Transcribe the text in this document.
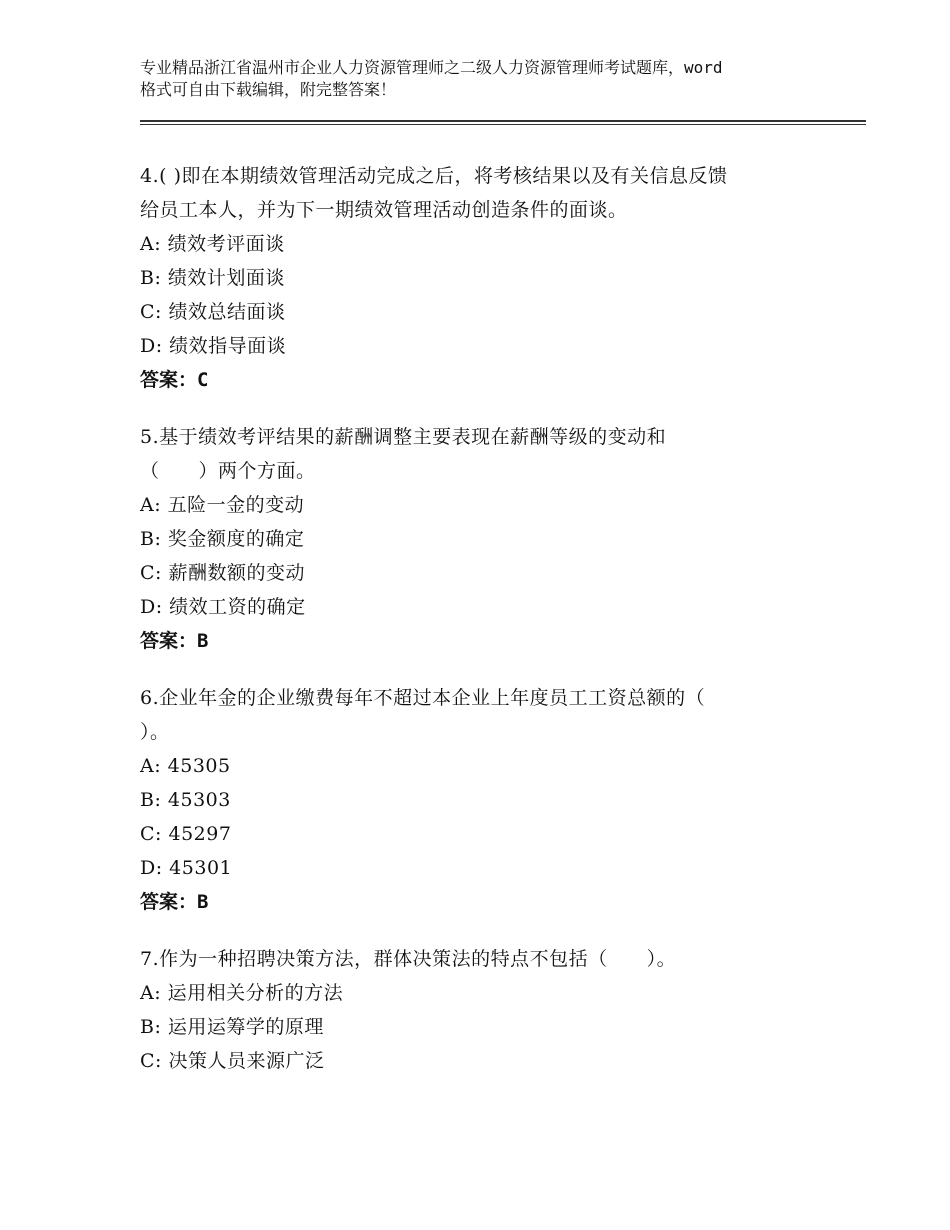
专业精品浙江省温州市企业人力资源管理师之二级人力资源管理师考试题库，word
格式可自由下载编辑，附完整答案！
4.( )即在本期绩效管理活动完成之后，将考核结果以及有关信息反馈
给员工本人，并为下一期绩效管理活动创造条件的面谈。
A: 绩效考评面谈
B: 绩效计划面谈
C: 绩效总结面谈
D: 绩效指导面谈
答案：C
5.基于绩效考评结果的薪酬调整主要表现在薪酬等级的变动和
（　　）两个方面。
A: 五险一金的变动
B: 奖金额度的确定
C: 薪酬数额的变动
D: 绩效工资的确定
答案：B
6.企业年金的企业缴费每年不超过本企业上年度员工工资总额的（
）。
A: 45305
B: 45303
C: 45297
D: 45301
答案：B
7.作为一种招聘决策方法，群体决策法的特点不包括（　　）。
A: 运用相关分析的方法
B: 运用运筹学的原理
C: 决策人员来源广泛
